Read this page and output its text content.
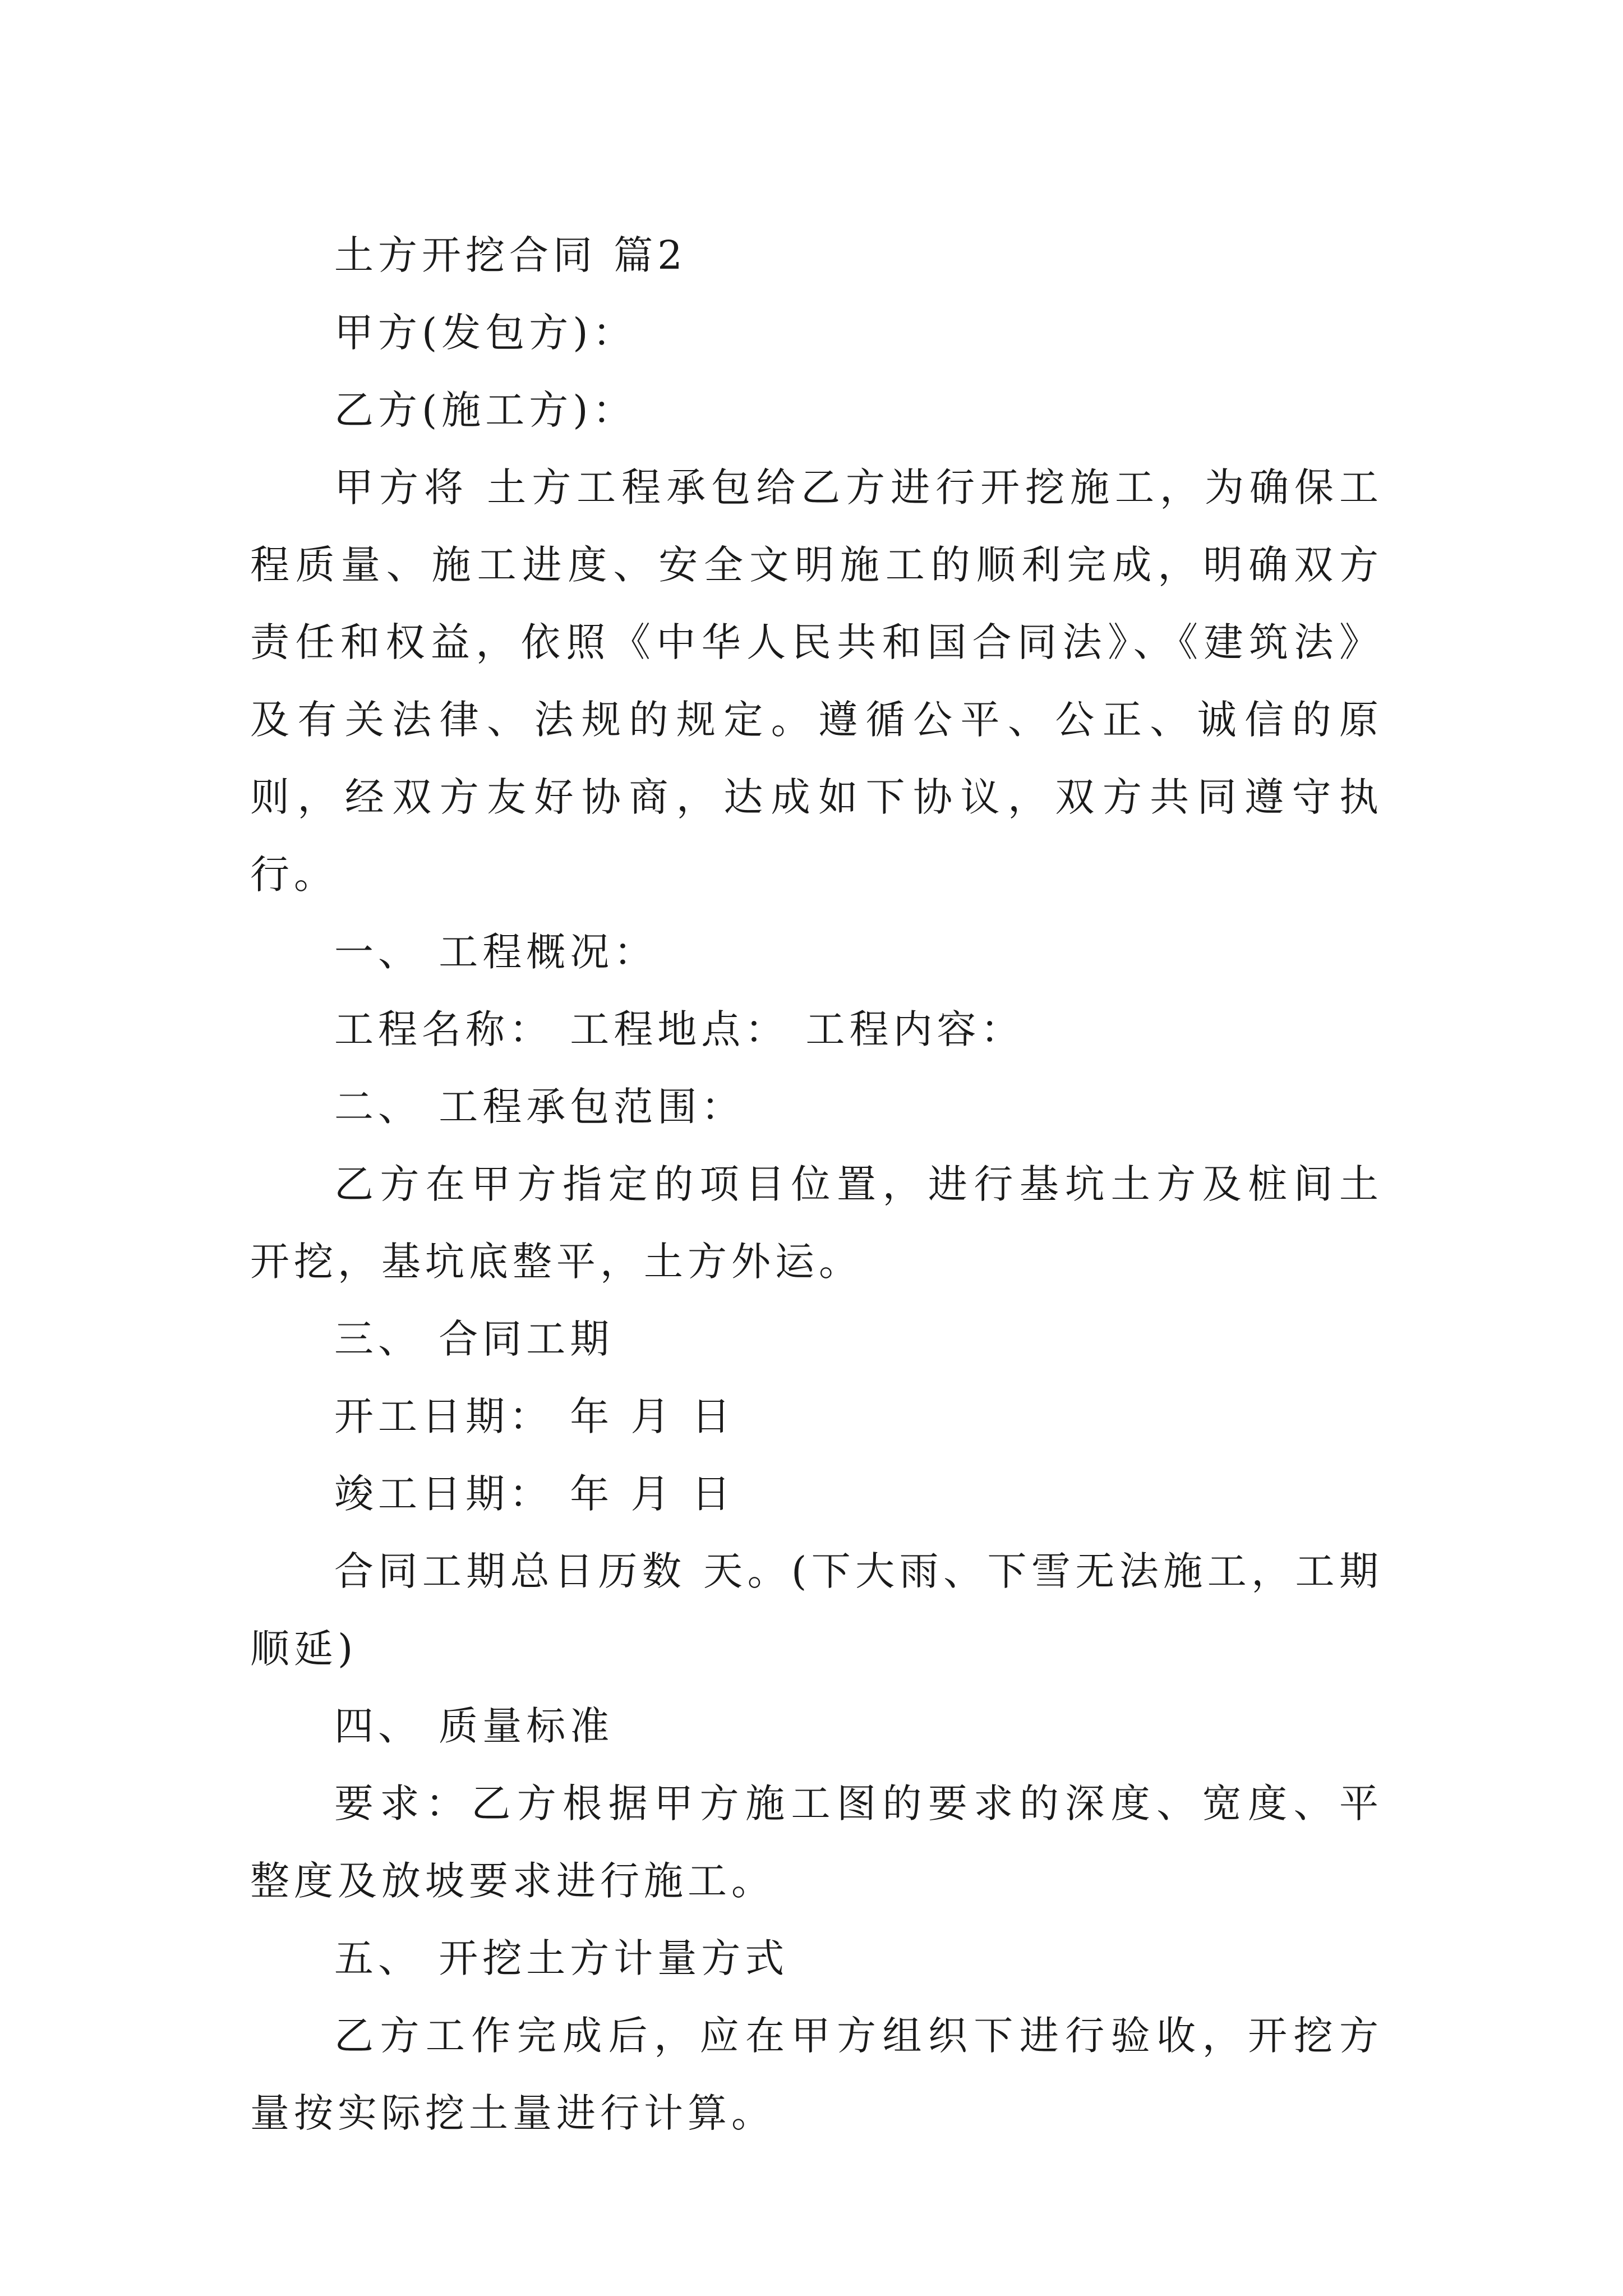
土方开挖合同 篇2

甲方(发包方)：

乙方(施工方)：

甲方将 土方工程承包给乙方进行开挖施工，为确保工程质量、施工进度、安全文明施工的顺利完成，明确双方责任和权益，依照《中华人民共和国合同法》、《建筑法》及有关法律、法规的规定。遵循公平、公正、诚信的原则，经双方友好协商，达成如下协议，双方共同遵守执行。

一、 工程概况：

工程名称： 工程地点： 工程内容：

二、 工程承包范围：

乙方在甲方指定的项目位置，进行基坑土方及桩间土开挖，基坑底整平，土方外运。

三、 合同工期

开工日期： 年 月 日

竣工日期： 年 月 日

合同工期总日历数 天。(下大雨、下雪无法施工，工期顺延)

四、 质量标准

要求：乙方根据甲方施工图的要求的深度、宽度、平整度及放坡要求进行施工。

五、 开挖土方计量方式

乙方工作完成后，应在甲方组织下进行验收，开挖方量按实际挖土量进行计算。
